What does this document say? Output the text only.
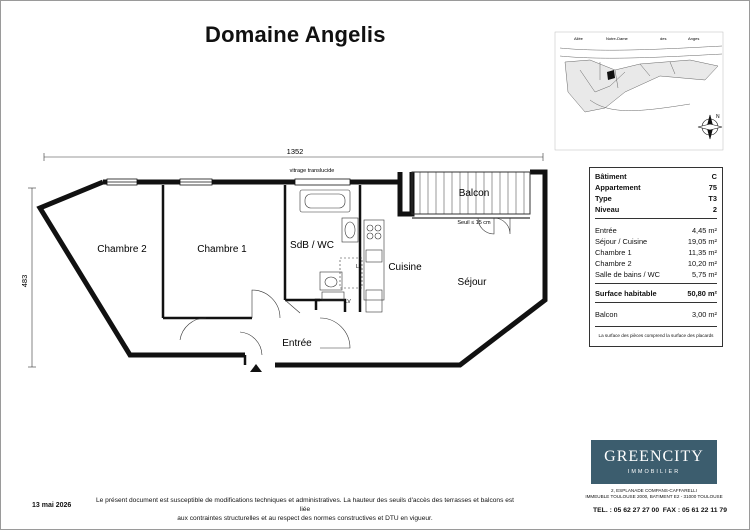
Domaine Angelis
1352
483
LL
LV
vitrage translucide
Seuil ≤ 15 cm
Chambre 2	Chambre 1	SdB / WC
Cuisine
Séjour
Entrée
Balcon
Allée	Notre-Dame	des	Anges
N
Bâtiment	C
Appartement	75
Type	T3
Niveau	2
Entrée	4,45 m²
Séjour / Cuisine	19,05 m²
Chambre 1	11,35 m²
Chambre 2	10,20 m²
Salle de bains / WC	5,75 m²
Surface habitable	50,80 m²
Balcon	3,00 m²
La surface des pièces comprend la surface des placards
GREENCITY
IMMOBILIER
2, ESPLANADE COMPANS-CAFFARELLI
IMMEUBLE TOULOUSE 2000, BATIMENT E2 - 31000 TOULOUSE
TEL. : 05 62 27 27 00 FAX : 05 61 22 11 79
13 mai 2026
Le présent document est susceptible de modifications techniques et administratives. La hauteur des seuils d'accès des terrasses et balcons est liée
aux contraintes structurelles et au respect des normes constructives et DTU en vigueur.
